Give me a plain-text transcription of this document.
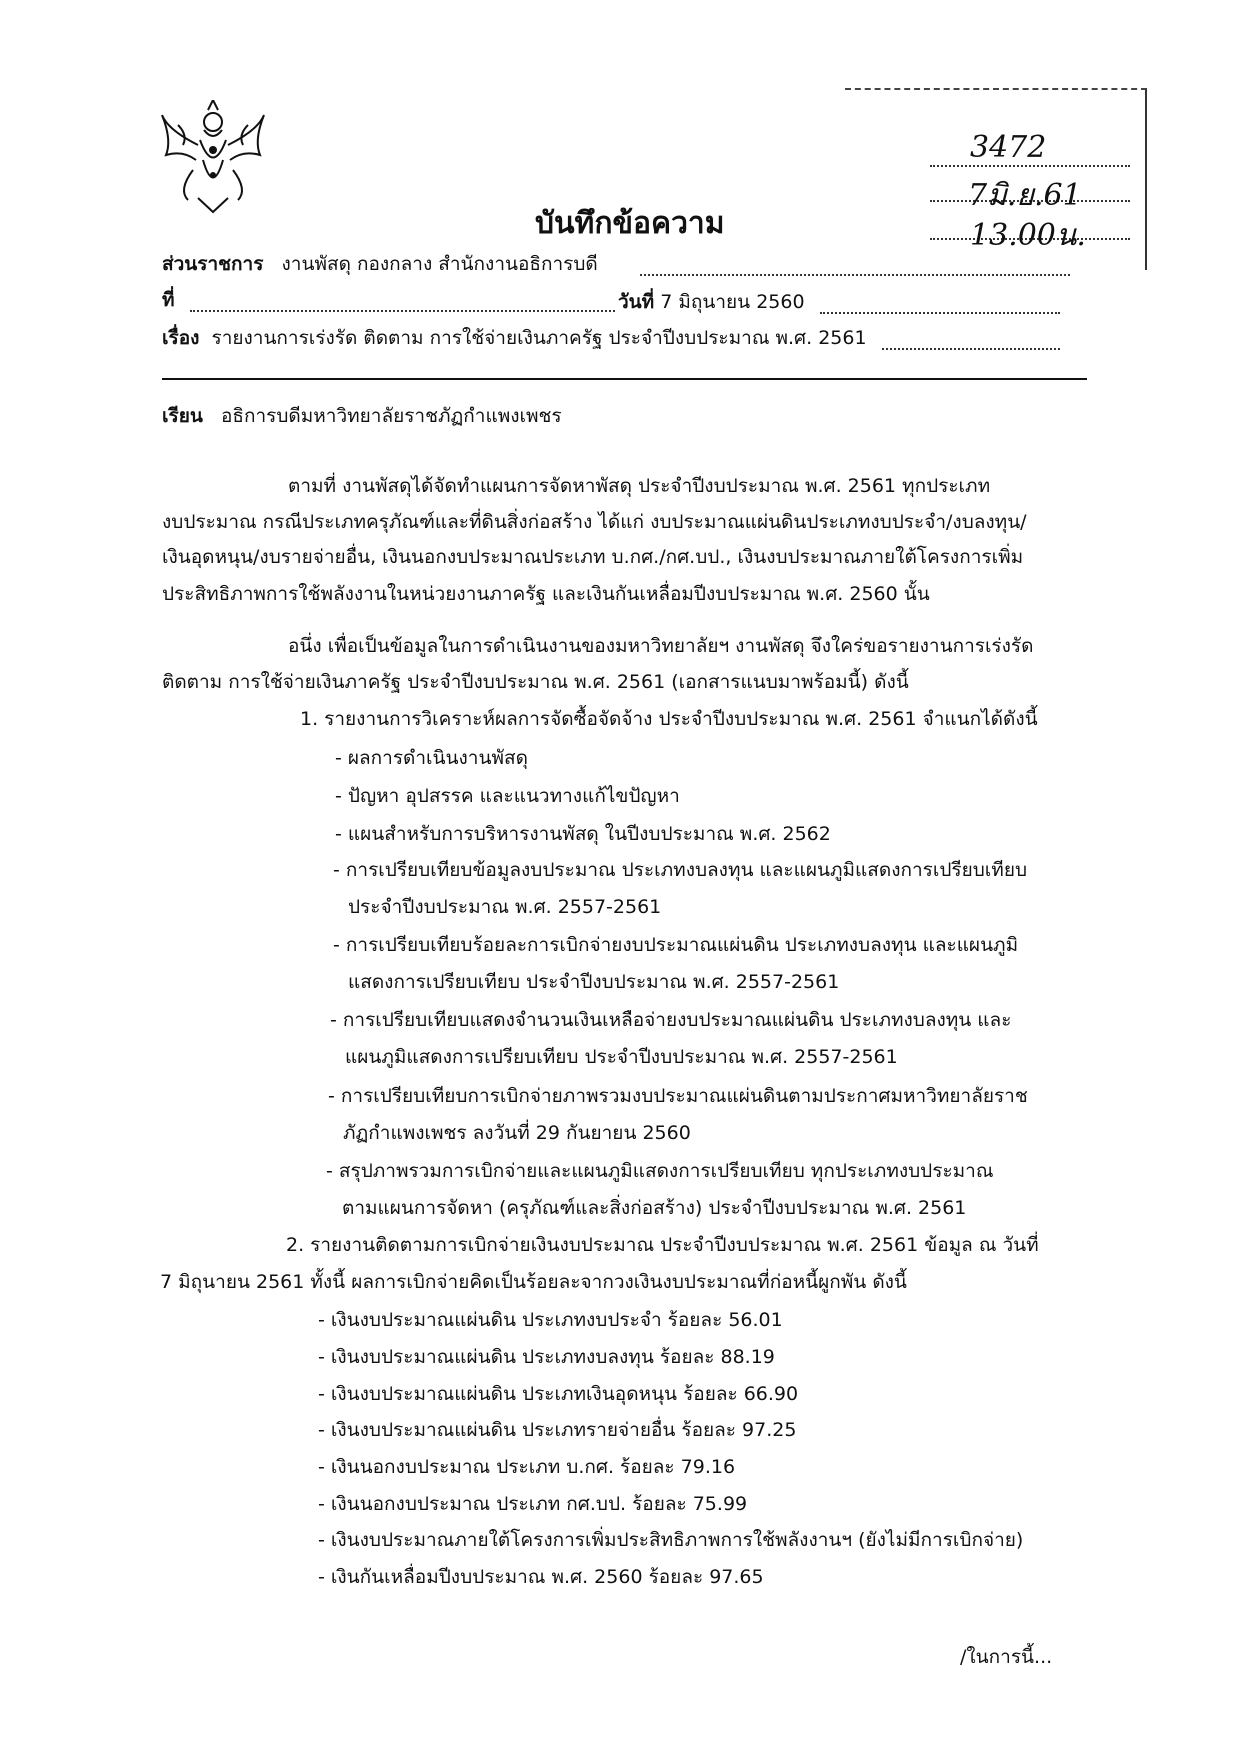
3472
7มิ.ย.61
13.00น.
บันทึกข้อความ
ส่วนราชการ งานพัสดุ กองกลาง สำนักงานอธิการบดี
ที่	วันที่ 7 มิถุนายน 2560
เรื่อง รายงานการเร่งรัด ติดตาม การใช้จ่ายเงินภาครัฐ ประจำปีงบประมาณ พ.ศ. 2561
เรียน อธิการบดีมหาวิทยาลัยราชภัฏกำแพงเพชร
ตามที่ งานพัสดุได้จัดทำแผนการจัดหาพัสดุ ประจำปีงบประมาณ พ.ศ. 2561 ทุกประเภท
งบประมาณ กรณีประเภทครุภัณฑ์และที่ดินสิ่งก่อสร้าง ได้แก่ งบประมาณแผ่นดินประเภทงบประจำ/งบลงทุน/
เงินอุดหนุน/งบรายจ่ายอื่น, เงินนอกงบประมาณประเภท บ.กศ./กศ.บป., เงินงบประมาณภายใต้โครงการเพิ่ม
ประสิทธิภาพการใช้พลังงานในหน่วยงานภาครัฐ และเงินกันเหลื่อมปีงบประมาณ พ.ศ. 2560 นั้น
อนึ่ง เพื่อเป็นข้อมูลในการดำเนินงานของมหาวิทยาลัยฯ งานพัสดุ จึงใคร่ขอรายงานการเร่งรัด
ติดตาม การใช้จ่ายเงินภาครัฐ ประจำปีงบประมาณ พ.ศ. 2561 (เอกสารแนบมาพร้อมนี้) ดังนี้
1. รายงานการวิเคราะห์ผลการจัดซื้อจัดจ้าง ประจำปีงบประมาณ พ.ศ. 2561 จำแนกได้ดังนี้
- ผลการดำเนินงานพัสดุ
- ปัญหา อุปสรรค และแนวทางแก้ไขปัญหา
- แผนสำหรับการบริหารงานพัสดุ ในปีงบประมาณ พ.ศ. 2562
- การเปรียบเทียบข้อมูลงบประมาณ ประเภทงบลงทุน และแผนภูมิแสดงการเปรียบเทียบ
ประจำปีงบประมาณ พ.ศ. 2557-2561
- การเปรียบเทียบร้อยละการเบิกจ่ายงบประมาณแผ่นดิน ประเภทงบลงทุน และแผนภูมิ
แสดงการเปรียบเทียบ ประจำปีงบประมาณ พ.ศ. 2557-2561
- การเปรียบเทียบแสดงจำนวนเงินเหลือจ่ายงบประมาณแผ่นดิน ประเภทงบลงทุน และ
แผนภูมิแสดงการเปรียบเทียบ ประจำปีงบประมาณ พ.ศ. 2557-2561
- การเปรียบเทียบการเบิกจ่ายภาพรวมงบประมาณแผ่นดินตามประกาศมหาวิทยาลัยราช
ภัฏกำแพงเพชร ลงวันที่ 29 กันยายน 2560
- สรุปภาพรวมการเบิกจ่ายและแผนภูมิแสดงการเปรียบเทียบ ทุกประเภทงบประมาณ
ตามแผนการจัดหา (ครุภัณฑ์และสิ่งก่อสร้าง) ประจำปีงบประมาณ พ.ศ. 2561
2. รายงานติดตามการเบิกจ่ายเงินงบประมาณ ประจำปีงบประมาณ พ.ศ. 2561 ข้อมูล ณ วันที่
7 มิถุนายน 2561 ทั้งนี้ ผลการเบิกจ่ายคิดเป็นร้อยละจากวงเงินงบประมาณที่ก่อหนี้ผูกพัน ดังนี้
- เงินงบประมาณแผ่นดิน ประเภทงบประจำ ร้อยละ 56.01
- เงินงบประมาณแผ่นดิน ประเภทงบลงทุน ร้อยละ 88.19
- เงินงบประมาณแผ่นดิน ประเภทเงินอุดหนุน ร้อยละ 66.90
- เงินงบประมาณแผ่นดิน ประเภทรายจ่ายอื่น ร้อยละ 97.25
- เงินนอกงบประมาณ ประเภท บ.กศ. ร้อยละ 79.16
- เงินนอกงบประมาณ ประเภท กศ.บป. ร้อยละ 75.99
- เงินงบประมาณภายใต้โครงการเพิ่มประสิทธิภาพการใช้พลังงานฯ (ยังไม่มีการเบิกจ่าย)
- เงินกันเหลื่อมปีงบประมาณ พ.ศ. 2560 ร้อยละ 97.65
/ในการนี้...
